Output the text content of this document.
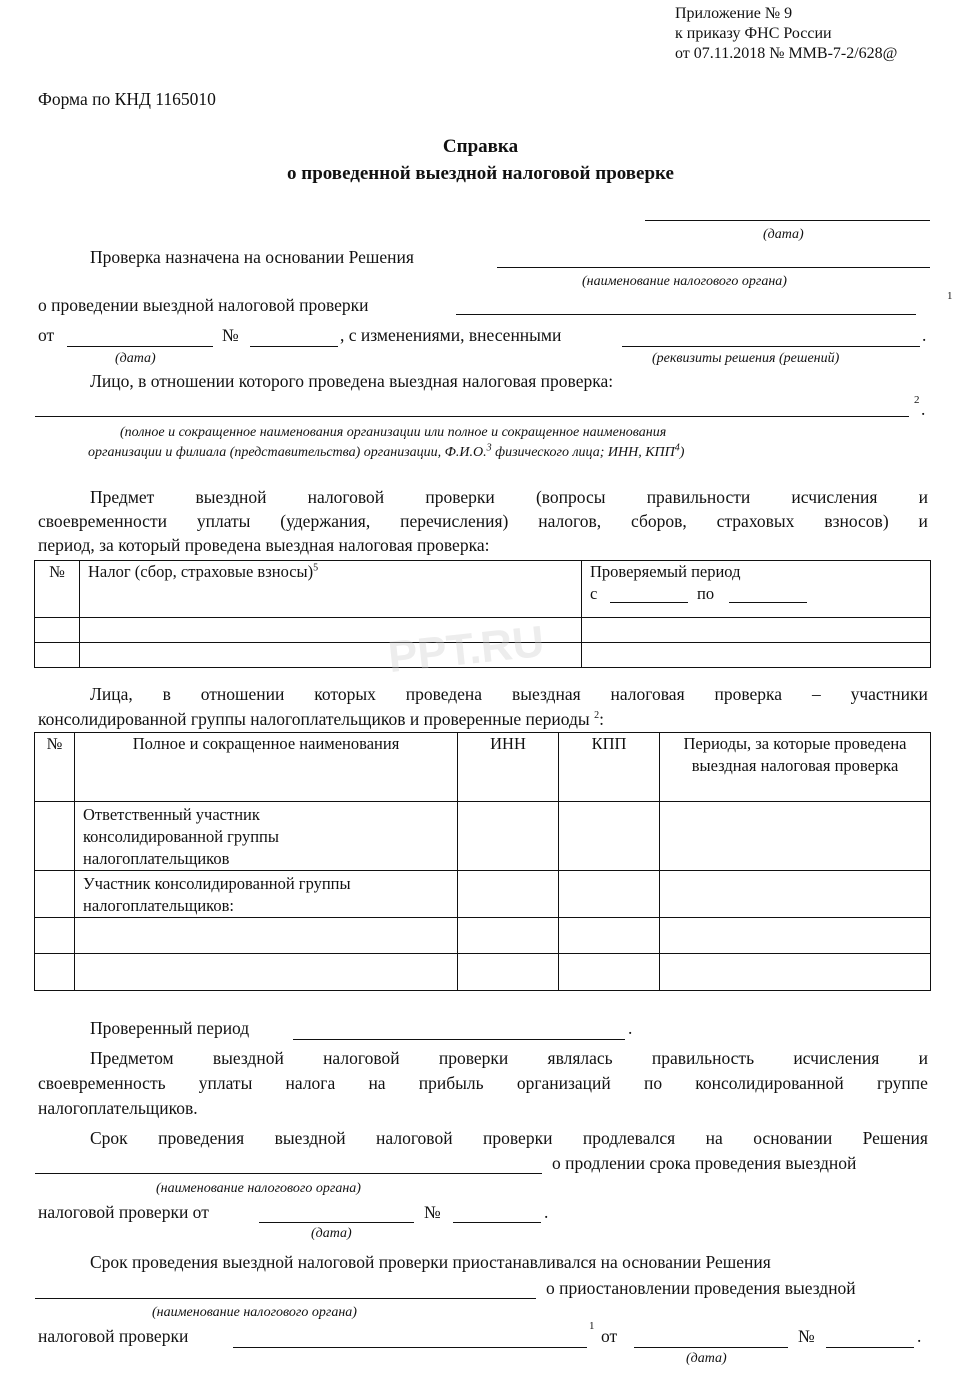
Приложение № 9
к приказу ФНС России
от 07.11.2018 № ММВ-7-2/628@
Форма по КНД 1165010
Справка
о проведенной выездной налоговой проверке
(дата)
Проверка назначена на основании Решения
(наименование налогового органа)
о проведении выездной налоговой проверки	1
от	№	, с изменениями, внесенными	.
(дата)	(реквизиты решения (решений)
Лицо, в отношении которого проведена выездная налоговая проверка:
2 .
(полное и сокращенное наименования организации или полное и сокращенное наименования
организации и филиала (представительства) организации, Ф.И.О.$^3$ физического лица; ИНН, КПП$^4$)
Предмет выездной налоговой проверки (вопросы правильности исчисления и
своевременности уплаты (удержания, перечисления) налогов, сборов, страховых взносов) и
период, за который проведена выездная налоговая проверка:
№	Налог (сбор, страховые взносы)$^5$	Проверяемый период
с по

PPT.RU
Лица, в отношении которых проведена выездная налоговая проверка – участники
консолидированной группы налогоплательщиков и проверенные периоды $^2$:
№	Полное и сокращенное наименования	ИНН	КПП	Периоды, за которые проведена выездная налоговая проверка
	Ответственный участник консолидированной группы налогоплательщиков			
	Участник консолидированной группы налогоплательщиков:			

Проверенный период	.
Предметом выездной налоговой проверки являлась правильность исчисления и
своевременность уплаты налога на прибыль организаций по консолидированной группе
налогоплательщиков.
Срок проведения выездной налоговой проверки продлевался на основании Решения
о продлении срока проведения выездной
(наименование налогового органа)
налоговой проверки от	№	.
(дата)
Срок проведения выездной налоговой проверки приостанавливался на основании Решения
о приостановлении проведения выездной
(наименование налогового органа)
налоговой проверки	1 от	№	.
(дата)
